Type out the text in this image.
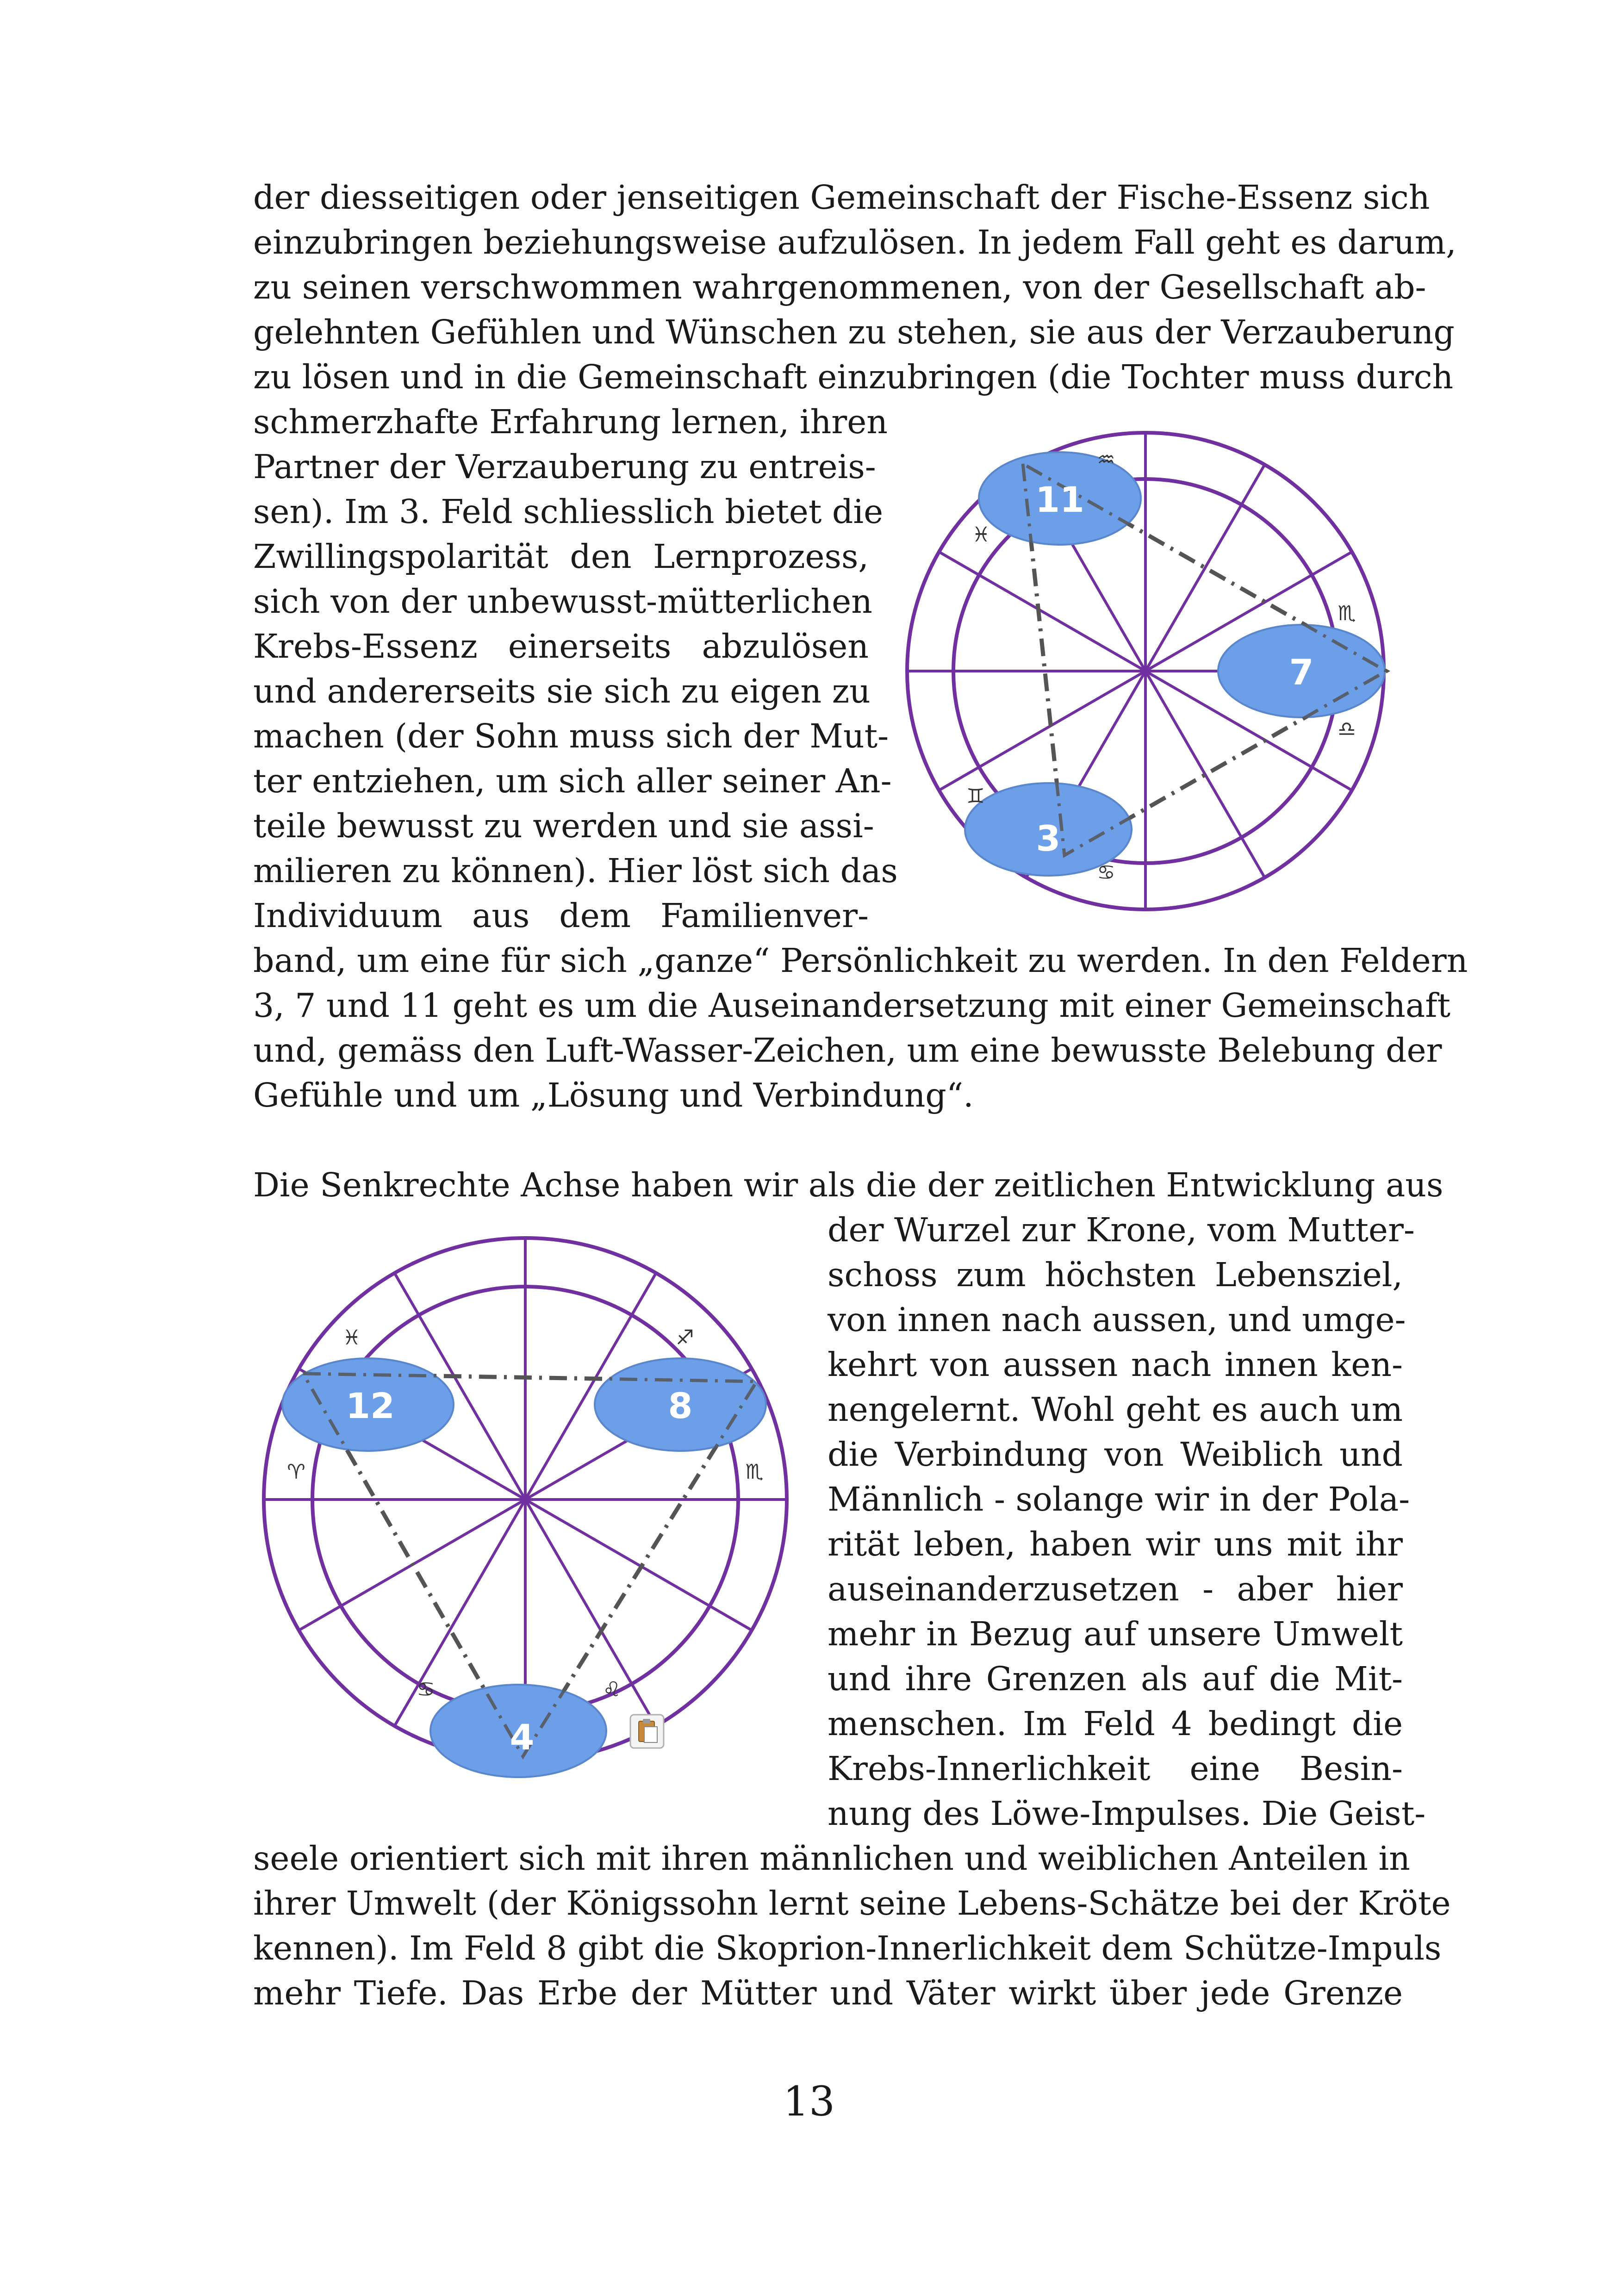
der diesseitigen oder jenseitigen Gemeinschaft der Fische-Essenz sich
einzubringen beziehungsweise aufzulösen. In jedem Fall geht es darum,
zu seinen verschwommen wahrgenommenen, von der Gesellschaft ab-
gelehnten Gefühlen und Wünschen zu stehen, sie aus der Verzauberung
zu lösen und in die Gemeinschaft einzubringen (die Tochter muss durch
schmerzhafte Erfahrung lernen, ihren
Partner der Verzauberung zu entreis-
sen). Im 3. Feld schliesslich bietet die
Zwillingspolarität den Lernprozess,
sich von der unbewusst-mütterlichen
Krebs-Essenz einerseits abzulösen
und andererseits sie sich zu eigen zu
machen (der Sohn muss sich der Mut-
ter entziehen, um sich aller seiner An-
teile bewusst zu werden und sie assi-
milieren zu können). Hier löst sich das
Individuum aus dem Familienver-
band, um eine für sich „ganze“ Persönlichkeit zu werden. In den Feldern
3, 7 und 11 geht es um die Auseinandersetzung mit einer Gemeinschaft
und, gemäss den Luft-Wasser-Zeichen, um eine bewusste Belebung der
Gefühle und um „Lösung und Verbindung“.
Die Senkrechte Achse haben wir als die der zeitlichen Entwicklung aus
der Wurzel zur Krone, vom Mutter-
schoss zum höchsten Lebensziel,
von innen nach aussen, und umge-
kehrt von aussen nach innen ken-
nengelernt. Wohl geht es auch um
die Verbindung von Weiblich und
Männlich - solange wir in der Pola-
rität leben, haben wir uns mit ihr
auseinanderzusetzen - aber hier
mehr in Bezug auf unsere Umwelt
und ihre Grenzen als auf die Mit-
menschen. Im Feld 4 bedingt die
Krebs-Innerlichkeit eine Besin-
nung des Löwe-Impulses. Die Geist-
seele orientiert sich mit ihren männlichen und weiblichen Anteilen in
ihrer Umwelt (der Königssohn lernt seine Lebens-Schätze bei der Kröte
kennen). Im Feld 8 gibt die Skoprion-Innerlichkeit dem Schütze-Impuls
mehr Tiefe. Das Erbe der Mütter und Väter wirkt über jede Grenze
13
11
7
3
♒
♓
♏
♎
♊
♋
12	8
4
♓	♐
♈	♏
♋	♌
